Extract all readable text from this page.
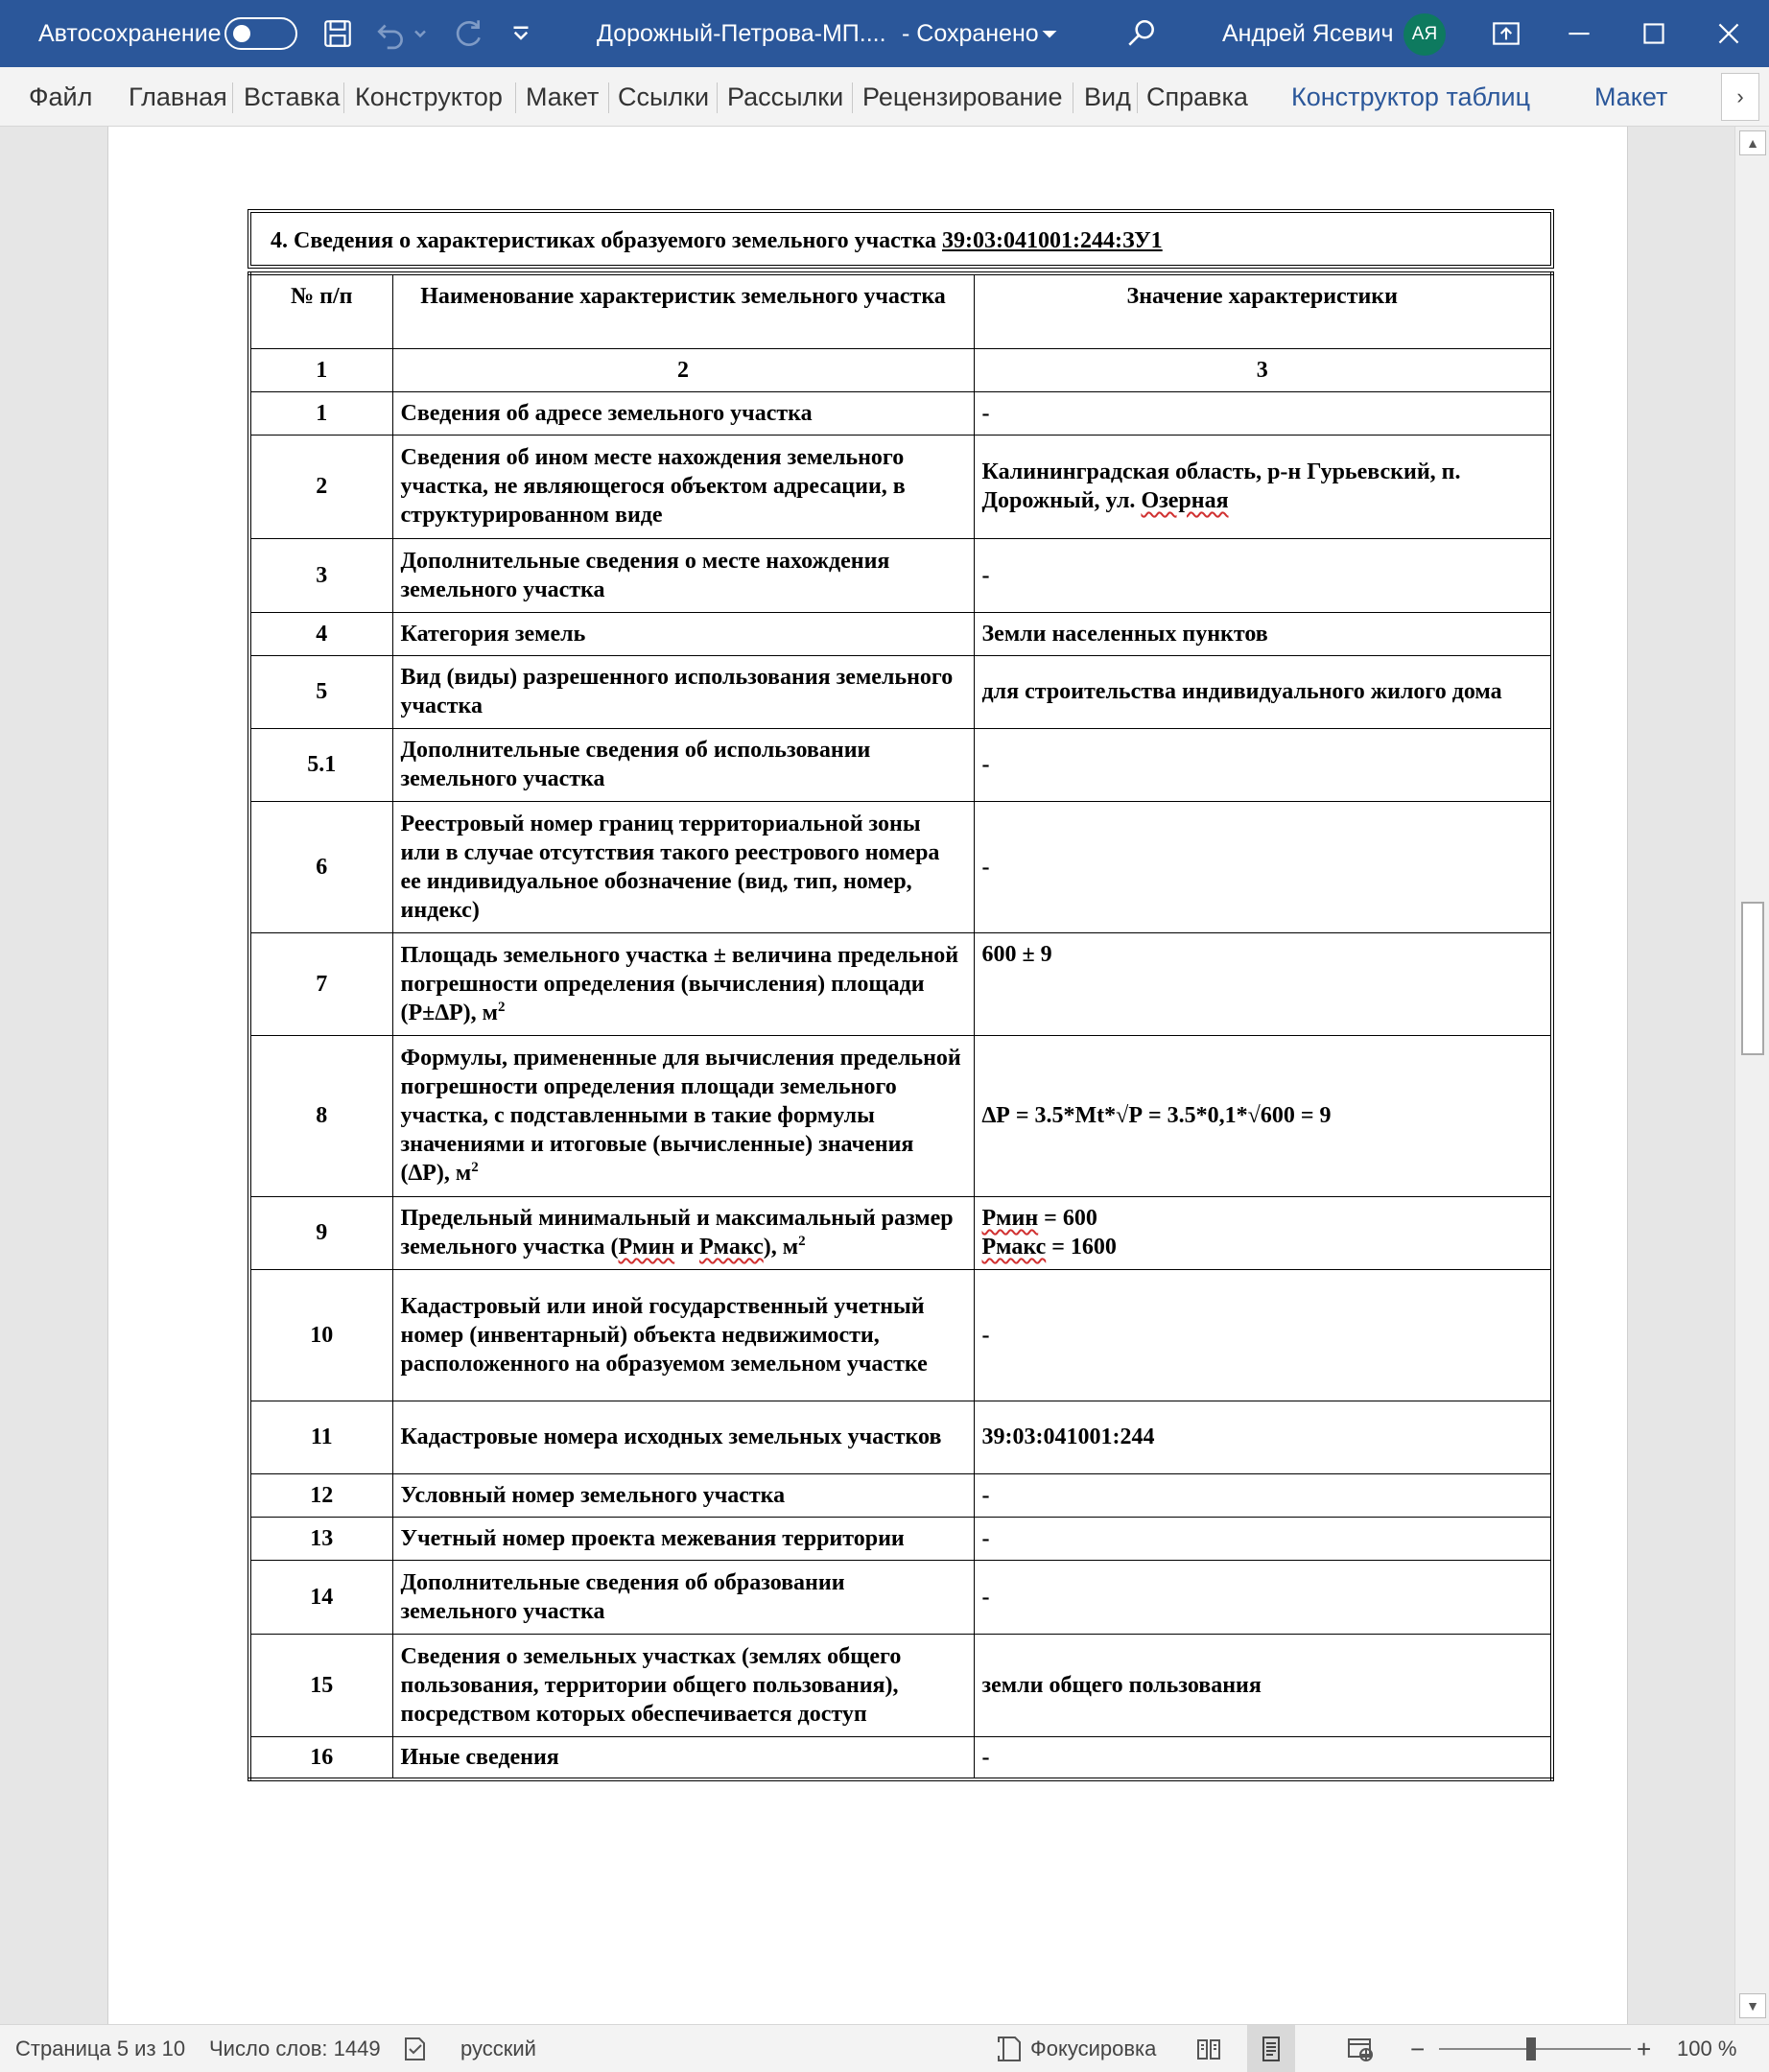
Автосохранение	Дорожный-Петрова-МП.... - Сохранено	Андрей Ясевич	АЯ
Файл Главная Вставка Конструктор Макет Ссылки Рассылки Рецензирование Вид Справка Конструктор таблиц Макет	›
4. Сведения о характеристиках образуемого земельного участка 39:03:041001:244:ЗУ1
№ п/п	Наименование характеристик земельного участка	Значение характеристики
1	2	3
1	Сведения об адресе земельного участка	-
2	Сведения об ином месте нахождения земельного участка, не являющегося объектом адресации, в структурированном виде	Калининградская область, р-н Гурьевский, п. Дорожный, ул. Озерная
3	Дополнительные сведения о месте нахождения земельного участка	-
4	Категория земель	Земли населенных пунктов
5	Вид (виды) разрешенного использования земельного участка	для строительства индивидуального жилого дома
5.1	Дополнительные сведения об использовании земельного участка	-
6	Реестровый номер границ территориальной зоны или в случае отсутствия такого реестрового номера ее индивидуальное обозначение (вид, тип, номер, индекс)	-
7	Площадь земельного участка ± величина предельной погрешности определения (вычисления) площади (Р±∆Р), $м^2$	600 ± 9
8	Формулы, примененные для вычисления предельной погрешности определения площади земельного участка, с подставленными в такие формулы значениями и итоговые (вычисленные) значения (∆Р), $м^2$	∆Р = 3.5*Mt*√Р = 3.5*0,1*√600 = 9
9	Предельный минимальный и максимальный размер земельного участка (Рмин и Рмакс), $м^2$	Рмин = 600
Рмакс = 1600

10	Кадастровый или иной государственный учетный номер (инвентарный) объекта недвижимости, расположенного на образуемом земельном участке	-
11	Кадастровые номера исходных земельных участков	39:03:041001:244
12	Условный номер земельного участка	-
13	Учетный номер проекта межевания территории	-
14	Дополнительные сведения об образовании земельного участка	-
15	Сведения о земельных участках (землях общего пользования, территории общего пользования), посредством которых обеспечивается доступ	земли общего пользования
16	Иные сведения	-
▲
▼
Страница 5 из 10 Число слов: 1449	русский	Фокусировка	−	+ 100 %
